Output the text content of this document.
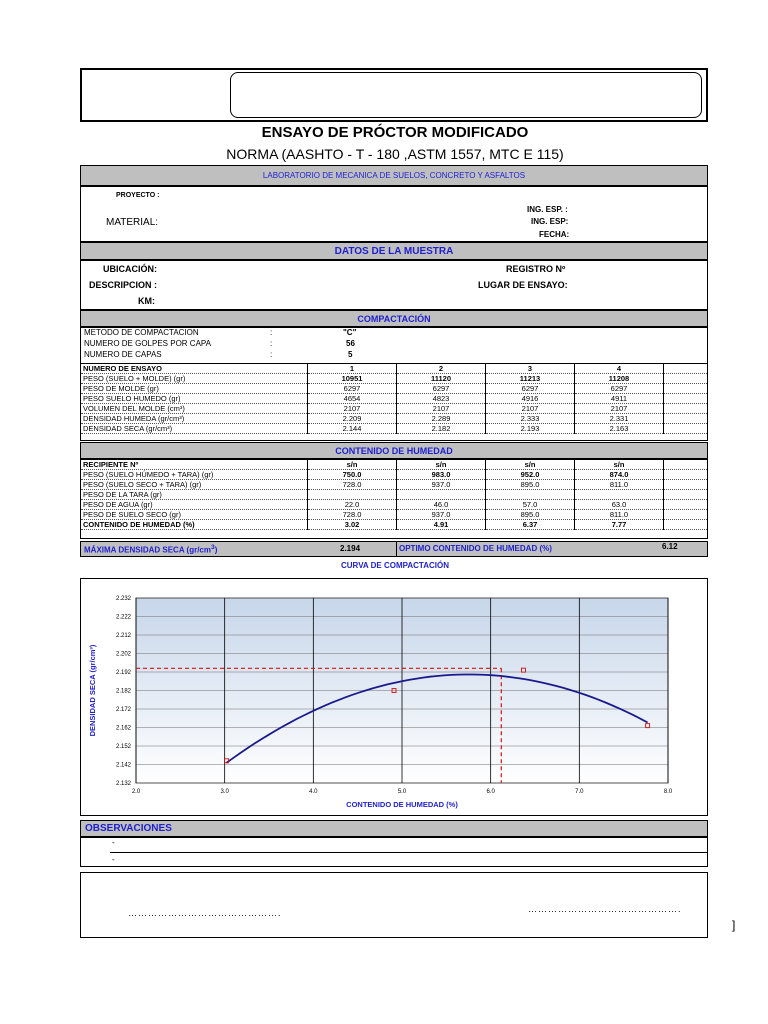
ENSAYO DE PRÓCTOR MODIFICADO
NORMA (AASHTO - T - 180 ,ASTM 1557, MTC E 115)
LABORATORIO DE MECANICA DE SUELOS, CONCRETO Y ASFALTOS
PROYECTO :
MATERIAL:
ING. ESP. :
ING. ESP:
FECHA:
DATOS DE LA MUESTRA
UBICACIÓN:
DESCRIPCION :
KM:
REGISTRO Nº
LUGAR DE ENSAYO:
COMPACTACIÓN
METODO DE COMPACTACION
NUMERO DE GOLPES POR CAPA
NUMERO DE CAPAS
:
:
:
"C"
56
5
NUMERO DE ENSAYO	1	2	3	4	
PESO (SUELO + MOLDE) (gr)	10951	11120	11213	11208	
PESO DE MOLDE (gr)	6297	6297	6297	6297	
PESO SUELO HUMEDO (gr)	4654	4823	4916	4911	
VOLUMEN DEL MOLDE (cm³)	2107	2107	2107	2107	
DENSIDAD HUMEDA (gr/cm³)	2.209	2.289	2.333	2.331	
DENSIDAD SECA (gr/cm³)	2.144	2.182	2.193	2.163	
CONTENIDO DE HUMEDAD
RECIPIENTE Nº	s/n	s/n	s/n	s/n	
PESO (SUELO HÚMEDO + TARA) (gr)	750.0	983.0	952.0	874.0	
PESO (SUELO SECO + TARA) (gr)	728.0	937.0	895.0	811.0	
PESO DE LA TARA (gr)					
PESO DE AGUA (gr)	22.0	46.0	57.0	63.0	
PESO DE SUELO SECO (gr)	728.0	937.0	895.0	811.0	
CONTENIDO DE HUMEDAD (%)	3.02	4.91	6.37	7.77	
MÁXIMA DENSIDAD SECA $(gr/cm^3)$	2.194	OPTIMO CONTENIDO DE HUMEDAD (%)	6.12
CURVA DE COMPACTACIÓN
2.132
2.142
2.152
2.162
2.172
2.182
2.192
2.202
2.212
2.222
2.232
2.0	3.0	4.0	5.0	6.0	7.0	8.0
CONTENIDO DE HUMEDAD (%)
DENSIDAD SECA (gr/cm³)
OBSERVACIONES
-
-
……………………………………….	……………………………………….
]
